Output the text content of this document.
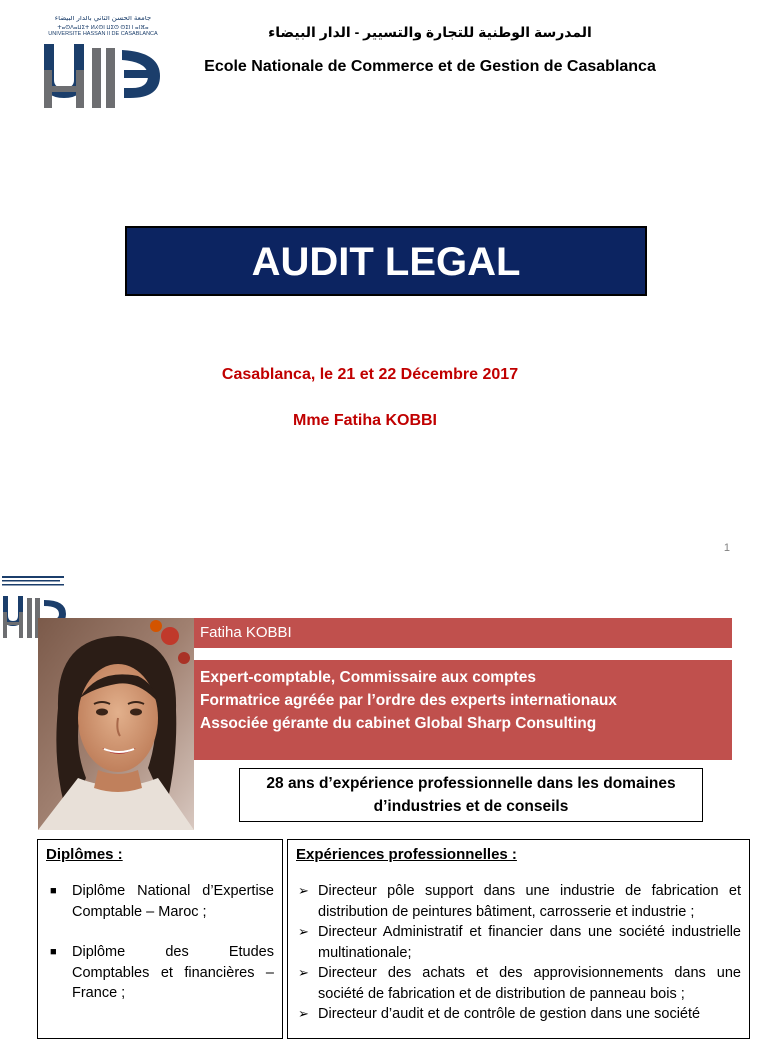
جامعة الحسن الثاني بالدار البيضاء
ⵜⴰⵙⴷⴰⵡⵉⵜ ⵍⵃⵙⵏ ⵡⵉⵙ ⵙⵉⵏ ⵏ ⴰⵏⴼⴰ
UNIVERSITÉ HASSAN II DE CASABLANCA	المدرسة الوطنية للتجارة والتسيير - الدار البيضاء
Ecole Nationale de Commerce et de Gestion de Casablanca
AUDIT LEGAL
Casablanca, le 21 et 22 Décembre 2017
Mme Fatiha KOBBI
1
Fatiha KOBBI
Expert-comptable, Commissaire aux comptes
Formatrice agréée par l’ordre des experts internationaux
Associée gérante du cabinet Global Sharp Consulting
28 ans d’expérience professionnelle dans les domaines
d’industries et de conseils
Diplômes :
■ Diplôme National d’Expertise Comptable – Maroc ;
■ Diplôme des Etudes Comptables et financières – France ;
Expériences professionnelles :
➢ Directeur pôle support dans une industrie de fabrication et distribution de peintures bâtiment, carrosserie et industrie ;
➢ Directeur Administratif et financier dans une société industrielle multinationale;
➢ Directeur des achats et des approvisionnements dans une société de fabrication et de distribution de panneau bois ;
➢ Directeur d’audit et de contrôle de gestion dans une société
